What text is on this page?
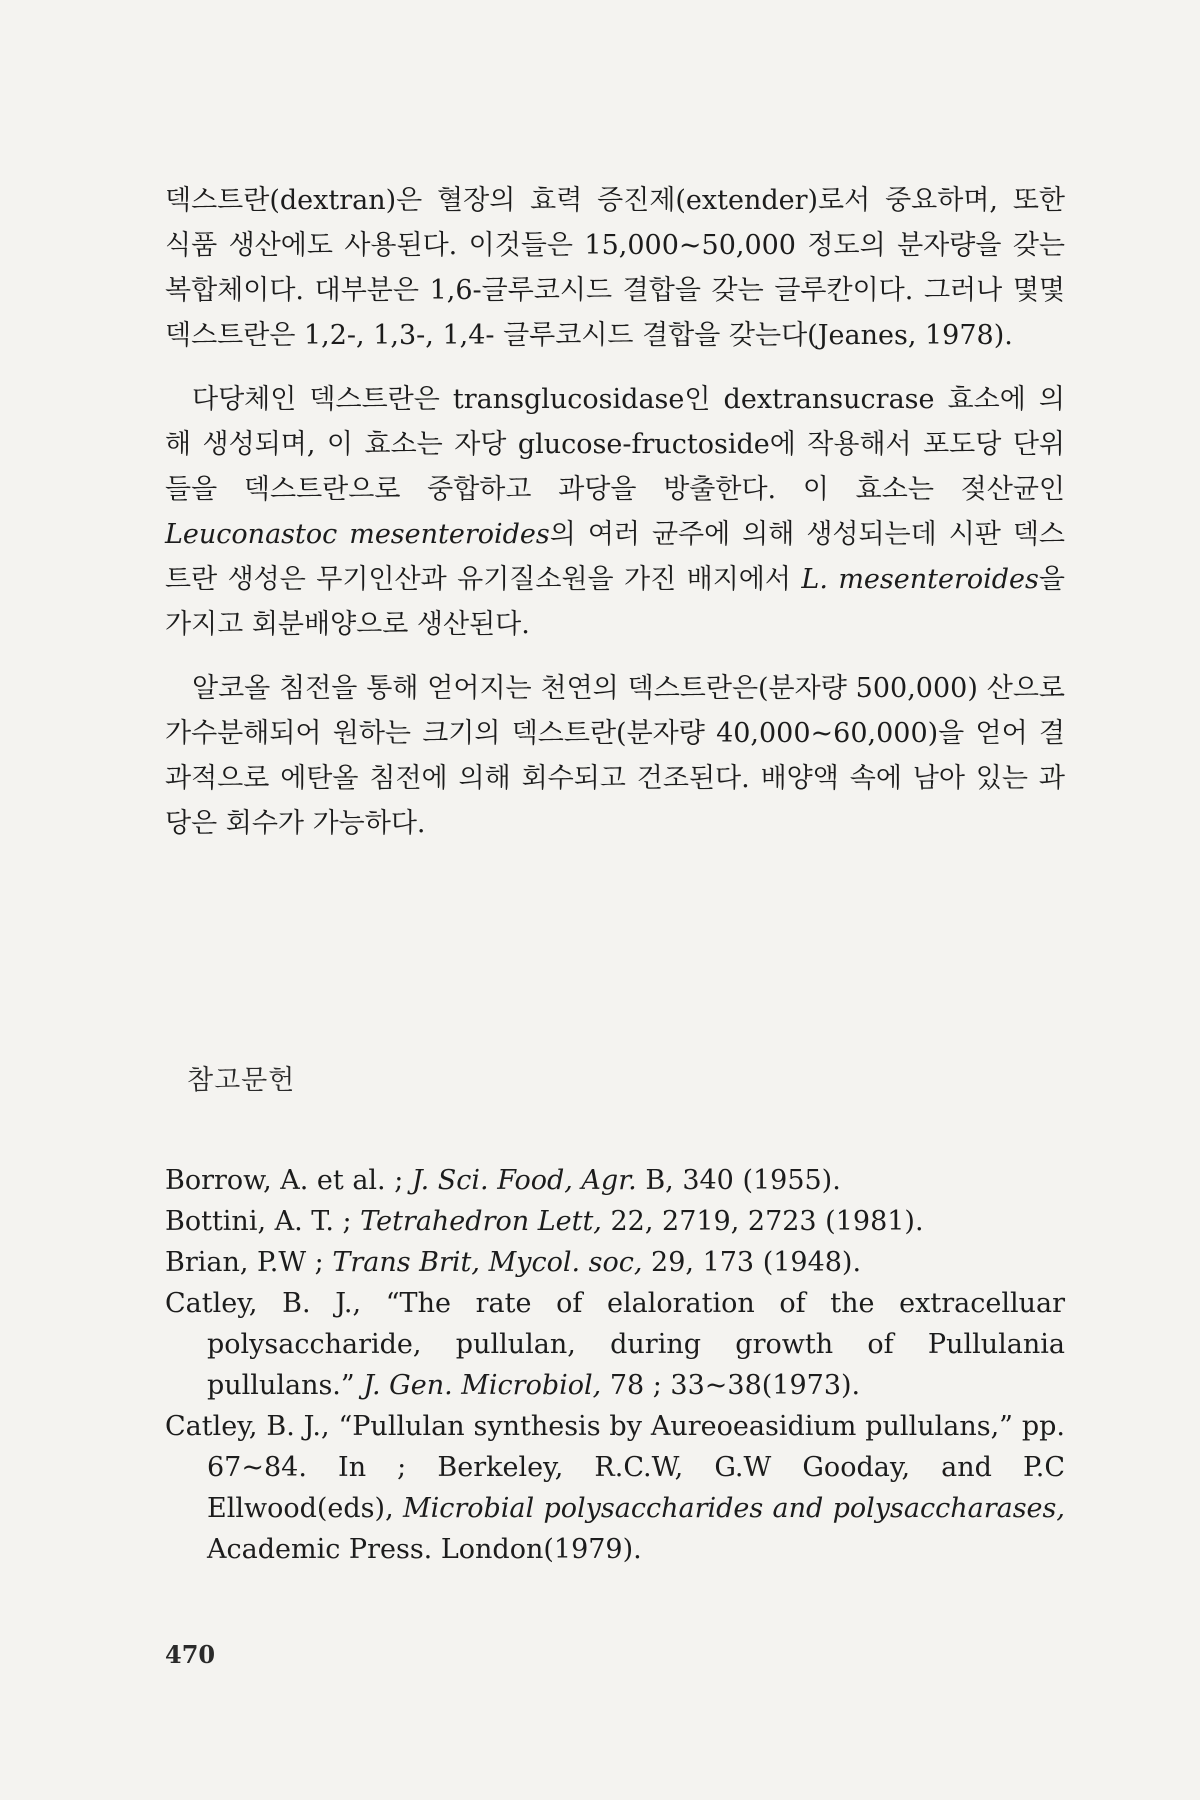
덱스트란(dextran)은 혈장의 효력 증진제(extender)로서 중요하며, 또한 식품 생산에도 사용된다. 이것들은 15,000~50,000 정도의 분자량을 갖는 복합체이다. 대부분은 1,6-글루코시드 결합을 갖는 글루칸이다. 그러나 몇몇 덱스트란은 1,2-, 1,3-, 1,4- 글루코시드 결합을 갖는다(Jeanes, 1978).

다당체인 덱스트란은 transglucosidase인 dextransucrase 효소에 의해 생성되며, 이 효소는 자당 glucose-fructoside에 작용해서 포도당 단위들을 덱스트란으로 중합하고 과당을 방출한다. 이 효소는 젖산균인 Leuconastoc mesenteroides의 여러 균주에 의해 생성되는데 시판 덱스트란 생성은 무기인산과 유기질소원을 가진 배지에서 L. mesenteroides을 가지고 회분배양으로 생산된다.

알코올 침전을 통해 얻어지는 천연의 덱스트란은(분자량 500,000) 산으로 가수분해되어 원하는 크기의 덱스트란(분자량 40,000~60,000)을 얻어 결과적으로 에탄올 침전에 의해 회수되고 건조된다. 배양액 속에 남아 있는 과당은 회수가 가능하다.

참고문헌

Borrow, A. et al. ; J. Sci. Food, Agr. B, 340 (1955).

Bottini, A. T. ; Tetrahedron Lett, 22, 2719, 2723 (1981).

Brian, P.W ; Trans Brit, Mycol. soc, 29, 173 (1948).

Catley, B. J., “The rate of elaloration of the extracelluar polysaccharide, pullulan, during growth of Pullulania pullulans.” J. Gen. Microbiol, 78 ; 33~38(1973).

Catley, B. J., “Pullulan synthesis by Aureoeasidium pullulans,” pp. 67~84. In ; Berkeley, R.C.W, G.W Gooday, and P.C Ellwood(eds), Microbial polysaccharides and polysaccharases, Academic Press. London(1979).

470
